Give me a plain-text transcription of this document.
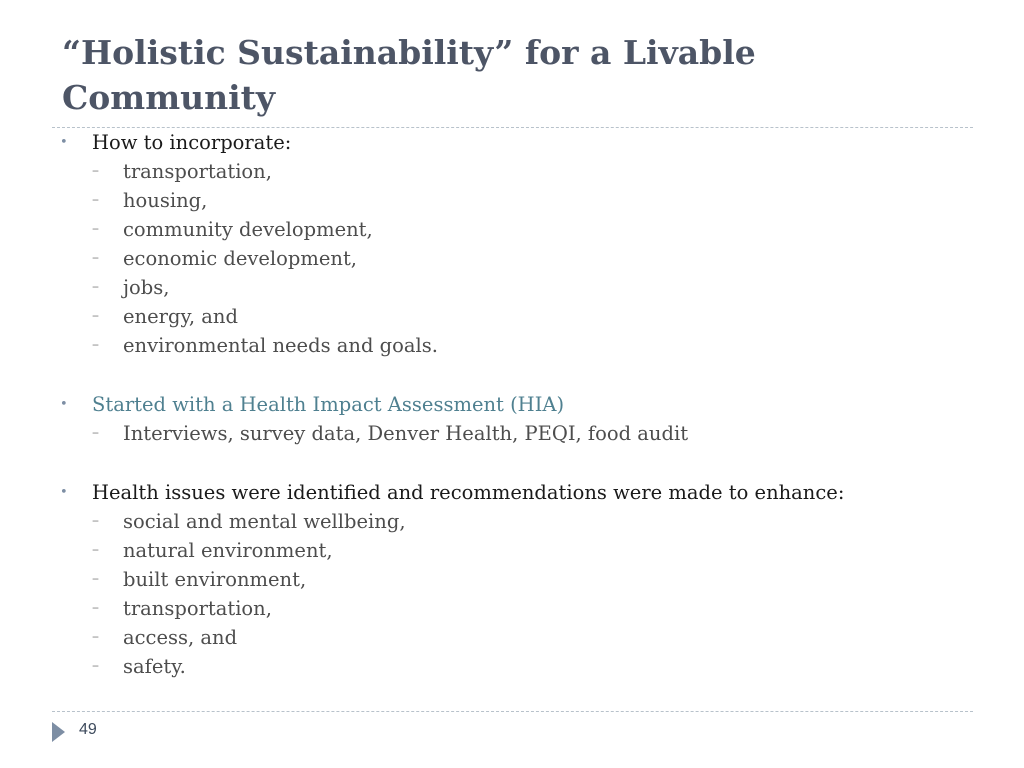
“Holistic Sustainability” for a Livable Community
• How to incorporate:
– transportation,
– housing,
– community development,
– economic development,
– jobs,
– energy, and
– environmental needs and goals.
• Started with a Health Impact Assessment (HIA)
– Interviews, survey data, Denver Health, PEQI, food audit
• Health issues were identified and recommendations were made to enhance:
– social and mental wellbeing,
– natural environment,
– built environment,
– transportation,
– access, and
– safety.
49
